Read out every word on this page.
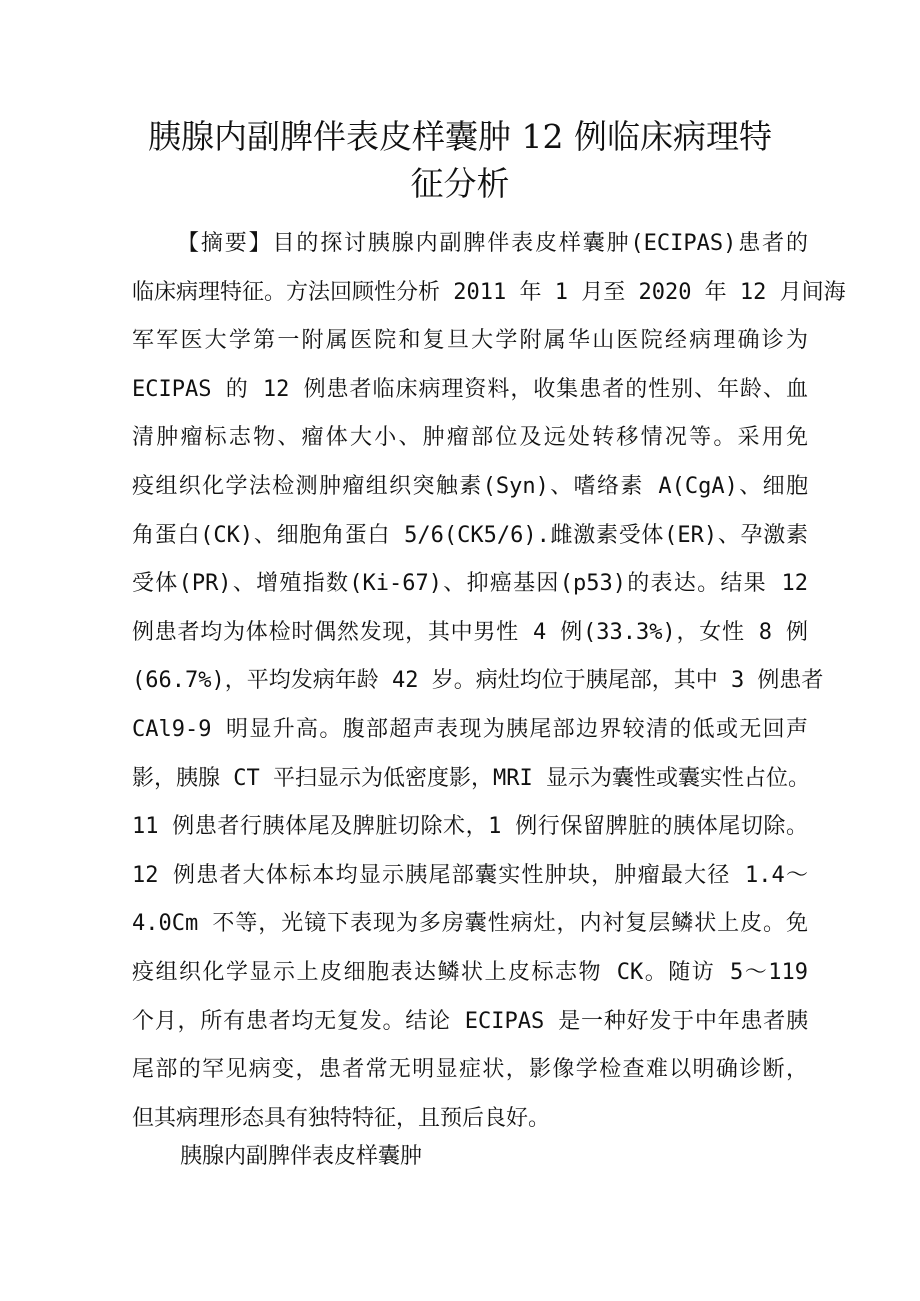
胰腺内副脾伴表皮样囊肿 12 例临床病理特
征分析
【摘要】目的探讨胰腺内副脾伴表皮样囊肿(ECIPAS)患者的
临床病理特征。方法回顾性分析 2011 年 1 月至 2020 年 12 月间海
军军医大学第一附属医院和复旦大学附属华山医院经病理确诊为
ECIPAS 的 12 例患者临床病理资料，收集患者的性别、年龄、血
清肿瘤标志物、瘤体大小、肿瘤部位及远处转移情况等。采用免
疫组织化学法检测肿瘤组织突触素(Syn)、嗜络素 A(CgA)、细胞
角蛋白(CK)、细胞角蛋白 5/6(CK5/6).雌激素受体(ER)、孕激素
受体(PR)、增殖指数(Ki-67)、抑癌基因(p53)的表达。结果 12
例患者均为体检时偶然发现，其中男性 4 例(33.3%)，女性 8 例
(66.7%)，平均发病年龄 42 岁。病灶均位于胰尾部，其中 3 例患者
CAl9-9 明显升高。腹部超声表现为胰尾部边界较清的低或无回声
影，胰腺 CT 平扫显示为低密度影，MRI 显示为囊性或囊实性占位。
11 例患者行胰体尾及脾脏切除术，1 例行保留脾脏的胰体尾切除。
12 例患者大体标本均显示胰尾部囊实性肿块，肿瘤最大径 1.4～
4.0Cm 不等，光镜下表现为多房囊性病灶，内衬复层鳞状上皮。免
疫组织化学显示上皮细胞表达鳞状上皮标志物 CK。随访 5～119
个月，所有患者均无复发。结论 ECIPAS 是一种好发于中年患者胰
尾部的罕见病变，患者常无明显症状，影像学检查难以明确诊断，
但其病理形态具有独特特征，且预后良好。

胰腺内副脾伴表皮样囊肿
